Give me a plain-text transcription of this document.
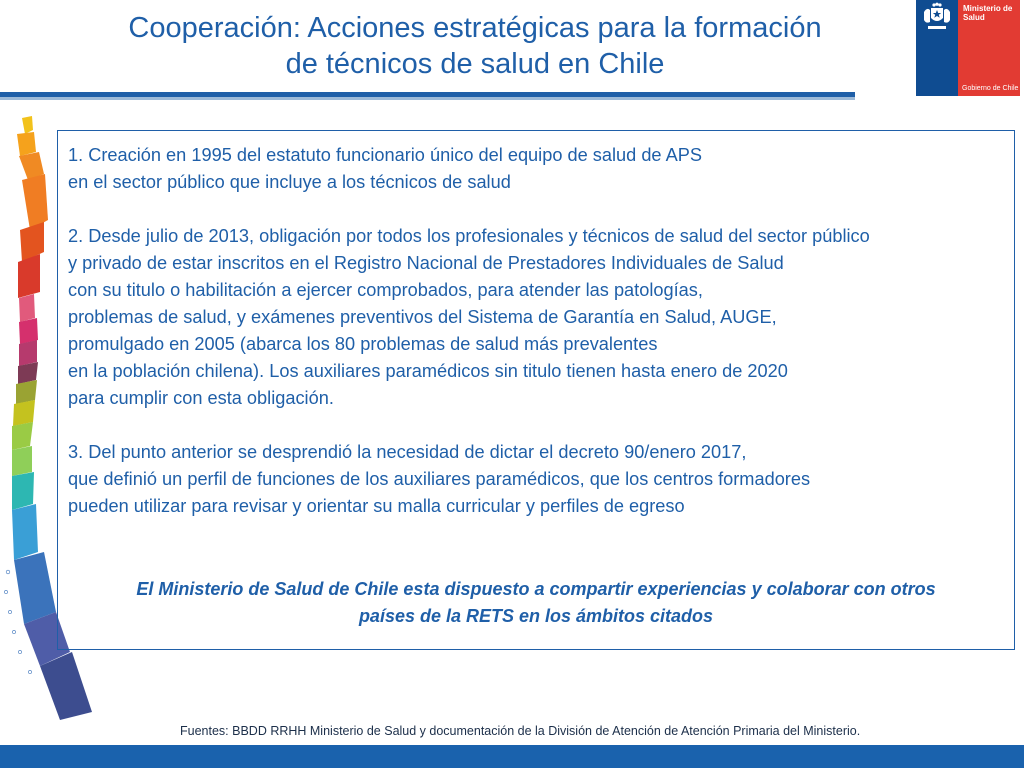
Cooperación: Acciones estratégicas para la formación
de técnicos de salud en Chile
Ministerio de
Salud
Gobierno de Chile

1. Creación en 1995 del estatuto funcionario único del equipo de salud de APS
en el sector público que incluye a los técnicos de salud

2. Desde julio de 2013, obligación por todos los profesionales y técnicos de salud del sector público
y privado de estar inscritos en el Registro Nacional de Prestadores Individuales de Salud
con su titulo o habilitación a ejercer comprobados, para atender las patologías,
problemas de salud, y exámenes preventivos del Sistema de Garantía en Salud, AUGE,
promulgado en 2005 (abarca los 80 problemas de salud más prevalentes
en la población chilena). Los auxiliares paramédicos sin titulo tienen hasta enero de 2020
para cumplir con esta obligación.

3. Del punto anterior se desprendió la necesidad de dictar el decreto 90/enero 2017,
que definió un perfil de funciones de los auxiliares paramédicos, que los centros formadores
pueden utilizar para revisar y orientar su malla curricular y perfiles de egreso

El Ministerio de Salud de Chile esta dispuesto a compartir experiencias y colaborar con otros
países de la RETS en los ámbitos citados

Fuentes: BBDD RRHH Ministerio de Salud y documentación de la División de Atención de Atención Primaria del Ministerio.
